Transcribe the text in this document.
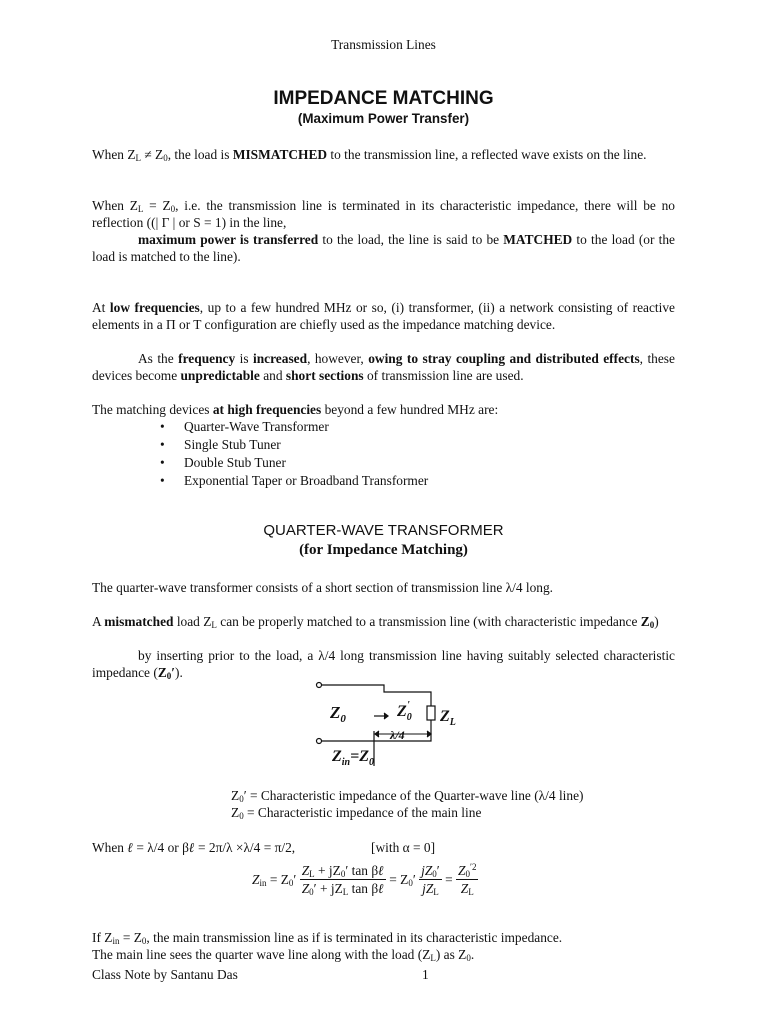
Transmission Lines
IMPEDANCE MATCHING
(Maximum Power Transfer)

When $Z_L \ne Z_0$, the load is MISMATCHED to the transmission line, a reflected wave exists on the line.

When $Z_L = Z_0$, i.e. the transmission line is terminated in its characteristic impedance, there will be no reflection ((| Γ | or S = 1) in the line,

maximum power is transferred to the load, the line is said to be MATCHED to the load (or the load is matched to the line).

At low frequencies, up to a few hundred MHz or so, (i) transformer, (ii) a network consisting of reactive elements in a Π or T configuration are chiefly used as the impedance matching device.

As the frequency is increased, however, owing to stray coupling and distributed effects, these devices become unpredictable and short sections of transmission line are used.

The matching devices at high frequencies beyond a few hundred MHz are:

• Quarter-Wave Transformer
• Single Stub Tuner
• Double Stub Tuner
• Exponential Taper or Broadband Transformer
QUARTER-WAVE TRANSFORMER
(for Impedance Matching)

The quarter-wave transformer consists of a short section of transmission line λ/4 long.

A mismatched load $Z_L$ can be properly matched to a transmission line (with characteristic impedance $Z_0$)

by inserting prior to the load, a λ/4 long transmission line having suitably selected characteristic impedance $(Z_0')$.

$Z_0$	$Z_0'$
$Z_L$
λ/4
$Z_{in}=Z_0$

$Z_0'$ = Characteristic impedance of the Quarter-wave line (λ/4 line)

$Z_0$ = Characteristic impedance of the main line

When ℓ = λ/4 or βℓ = 2π/λ ×λ/4 = π/2,	[with α = 0]

$Z_{in} = Z_0' \frac{Z_L + jZ_0' \tan \beta\ell}{Z_0' + jZ_L \tan \beta\ell} = Z_0' \frac{jZ_0'}{jZ_L} = \frac{Z_0^{'2}}{Z_L}$

If $Z_{in} = Z_0$, the main transmission line as if is terminated in its characteristic impedance.

The main line sees the quarter wave line along with the load $(Z_L)$ as $Z_0$.

Class Note by Santanu Das	1
